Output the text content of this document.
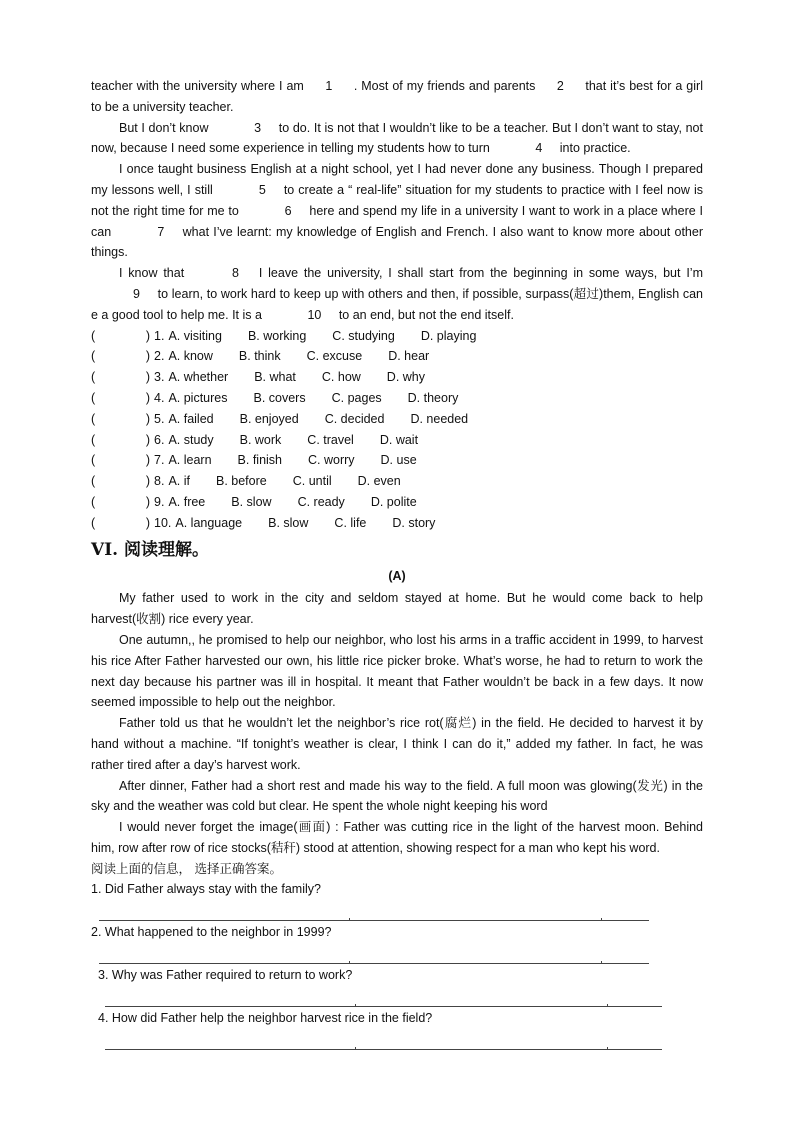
teacher with the university where I am 1 . Most of my friends and parents 2 that it’s best for a girl to be a university teacher.

But I don’t know	3 to do. It is not that I wouldn’t like to be a teacher. But I don’t want to stay, not now, because I need some experience in telling my students how to turn	4 into practice.

I once taught business English at a night school, yet I had never done any business. Though I prepared my lessons well, I still	5 to create a “ real-life” situation for my students to practice with I feel now is not the right time for me to	6 here and spend my life in a university I want to work in a place where I can	7 what I’ve learnt: my knowledge of English and French. I also want to know more about other things.

I know that	8 I leave the university, I shall start from the beginning in some ways, but I’m 9 to learn, to work hard to keep up with others and then, if possible, surpass(超过)them, English can e a good tool to help me. It is a	10 to an end, but not the end itself.

(	) 1. A. visiting B. working C. studying D. playing
(	) 2. A. know B. think C. excuse D. hear
(	) 3. A. whether B. what C. how D. why
(	) 4. A. pictures B. covers C. pages D. theory
(	) 5. A. failed B. enjoyed C. decided D. needed
(	) 6. A. study B. work C. travel D. wait
(	) 7. A. learn B. finish C. worry D. use
(	) 8. A. if B. before C. until D. even
(	) 9. A. free B. slow C. ready D. polite
(	) 10. A. language B. slow C. life D. story
VI. 阅读理解。
(A)

My father used to work in the city and seldom stayed at home. But he would come back to help harvest(收割) rice every year.

One autumn,, he promised to help our neighbor, who lost his arms in a traffic accident in 1999, to harvest his rice After Father harvested our own, his little rice picker broke. What’s worse, he had to return to work the next day because his partner was ill in hospital. It meant that Father wouldn’t be back in a few days. It now seemed impossible to help out the neighbor.

Father told us that he wouldn’t let the neighbor’s rice rot(腐烂) in the field. He decided to harvest it by hand without a machine. “If tonight’s weather is clear, I think I can do it,” added my father. In fact, he was rather tired after a day’s harvest work.

After dinner, Father had a short rest and made his way to the field. A full moon was glowing(发光) in the sky and the weather was cold but clear. He spent the whole night keeping his word

I would never forget the image(画面) : Father was cutting rice in the light of the harvest moon. Behind him, row after row of rice stocks(秸秆) stood at attention, showing respect for a man who kept his word.

阅读上面的信息， 选择正确答案。

1. Did Father always stay with the family?

2. What happened to the neighbor in 1999?

3. Why was Father required to return to work?

4. How did Father help the neighbor harvest rice in the field?
